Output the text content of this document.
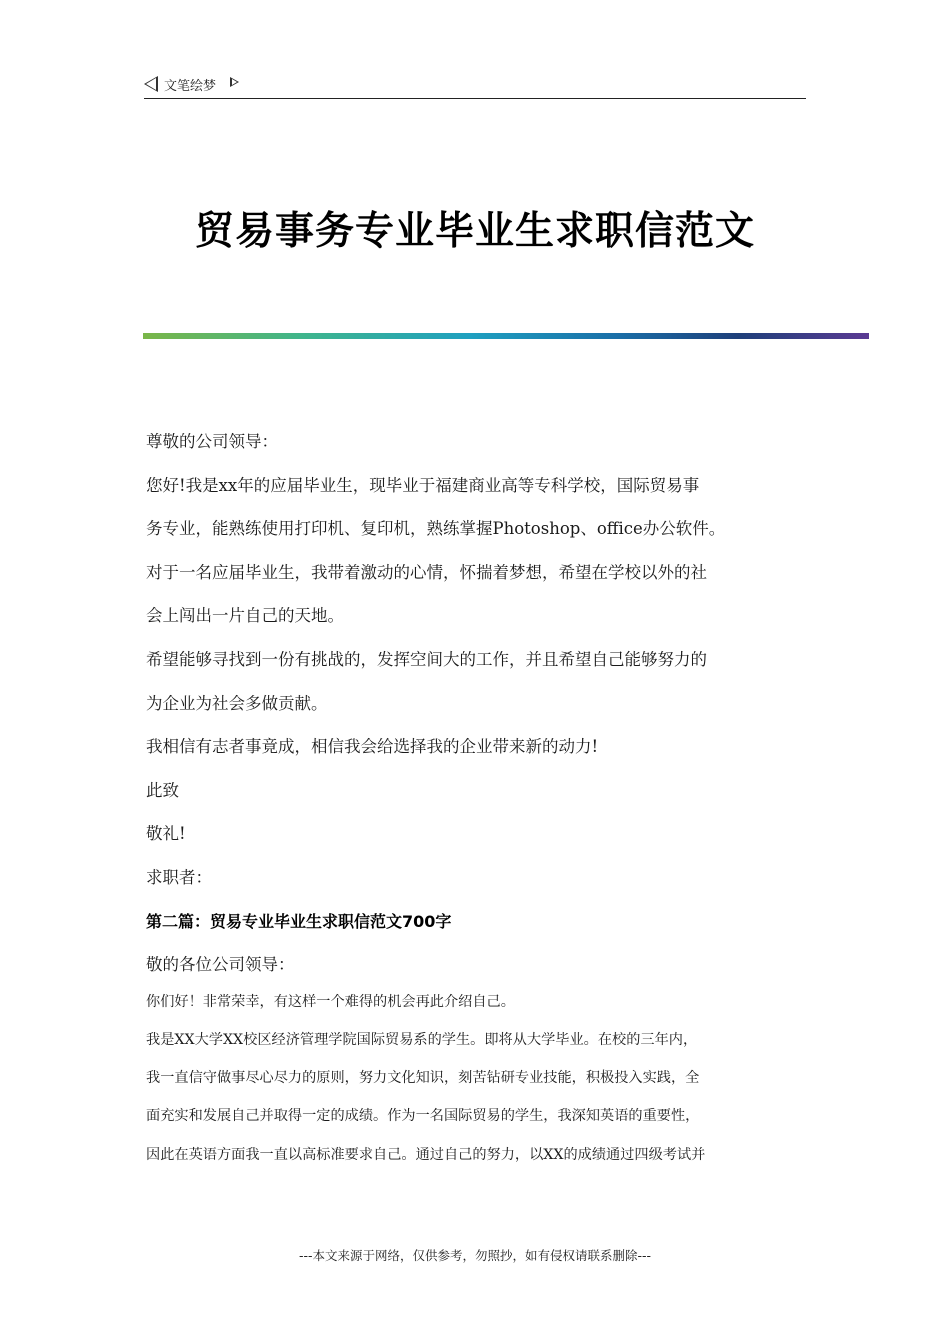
文笔绘梦
贸易事务专业毕业生求职信范文

尊敬的公司领导：

您好!我是xx年的应届毕业生，现毕业于福建商业高等专科学校，国际贸易事

务专业，能熟练使用打印机、复印机，熟练掌握Photoshop、office办公软件。

对于一名应届毕业生，我带着激动的心情，怀揣着梦想，希望在学校以外的社

会上闯出一片自己的天地。

希望能够寻找到一份有挑战的，发挥空间大的工作，并且希望自己能够努力的

为企业为社会多做贡献。

我相信有志者事竟成，相信我会给选择我的企业带来新的动力!

此致

敬礼!

求职者：

第二篇：贸易专业毕业生求职信范文700字

敬的各位公司领导：

你们好！非常荣幸，有这样一个难得的机会再此介绍自己。

我是XX大学XX校区经济管理学院国际贸易系的学生。即将从大学毕业。在校的三年内，

我一直信守做事尽心尽力的原则，努力文化知识，刻苦钻研专业技能，积极投入实践，全

面充实和发展自己并取得一定的成绩。作为一名国际贸易的学生，我深知英语的重要性，

因此在英语方面我一直以高标准要求自己。通过自己的努力，以XX的成绩通过四级考试并

---本文来源于网络，仅供参考，勿照抄，如有侵权请联系删除---
